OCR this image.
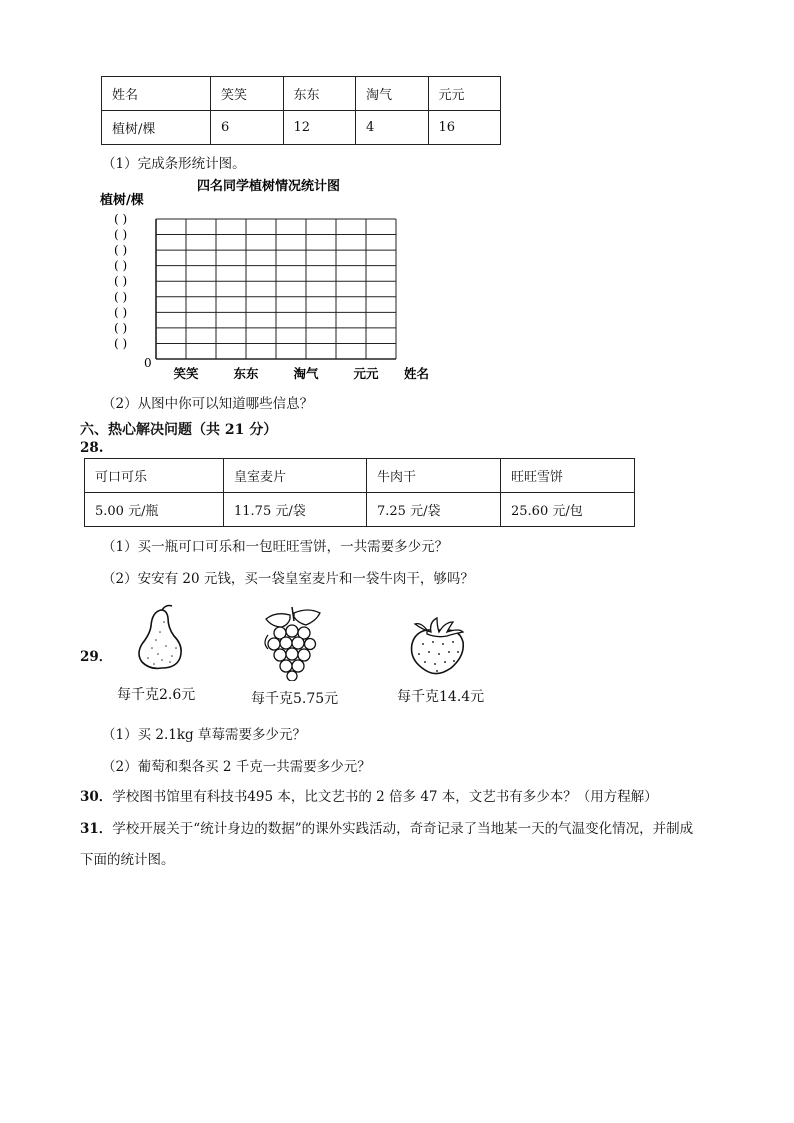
姓名	笑笑	东东	淘气	元元
植树/棵	6	12	4	16
（1）完成条形统计图。
四名同学植树情况统计图
植树/棵
( )
( )
( )
( )
( )
( )
( )
( )
( )
0
笑笑	东东	淘气	元元 姓名
（2）从图中你可以知道哪些信息？
六、热心解决问题（共 21 分）
28.
可口可乐	皇室麦片	牛肉干	旺旺雪饼
5.00 元/瓶	11.75 元/袋	7.25 元/袋	25.60 元/包
（1）买一瓶可口可乐和一包旺旺雪饼，一共需要多少元？
（2）安安有 20 元钱，买一袋皇室麦片和一袋牛肉干，够吗？
29．
每千克2.6元	每千克5.75元	每千克14.4元
（1）买 2.1kg 草莓需要多少元？
（2）葡萄和梨各买 2 千克一共需要多少元？
30．学校图书馆里有科技书495 本，比文艺书的 2 倍多 47 本，文艺书有多少本？（用方程解）
31．学校开展关于“统计身边的数据”的课外实践活动，奇奇记录了当地某一天的气温变化情况，并制成
下面的统计图。
